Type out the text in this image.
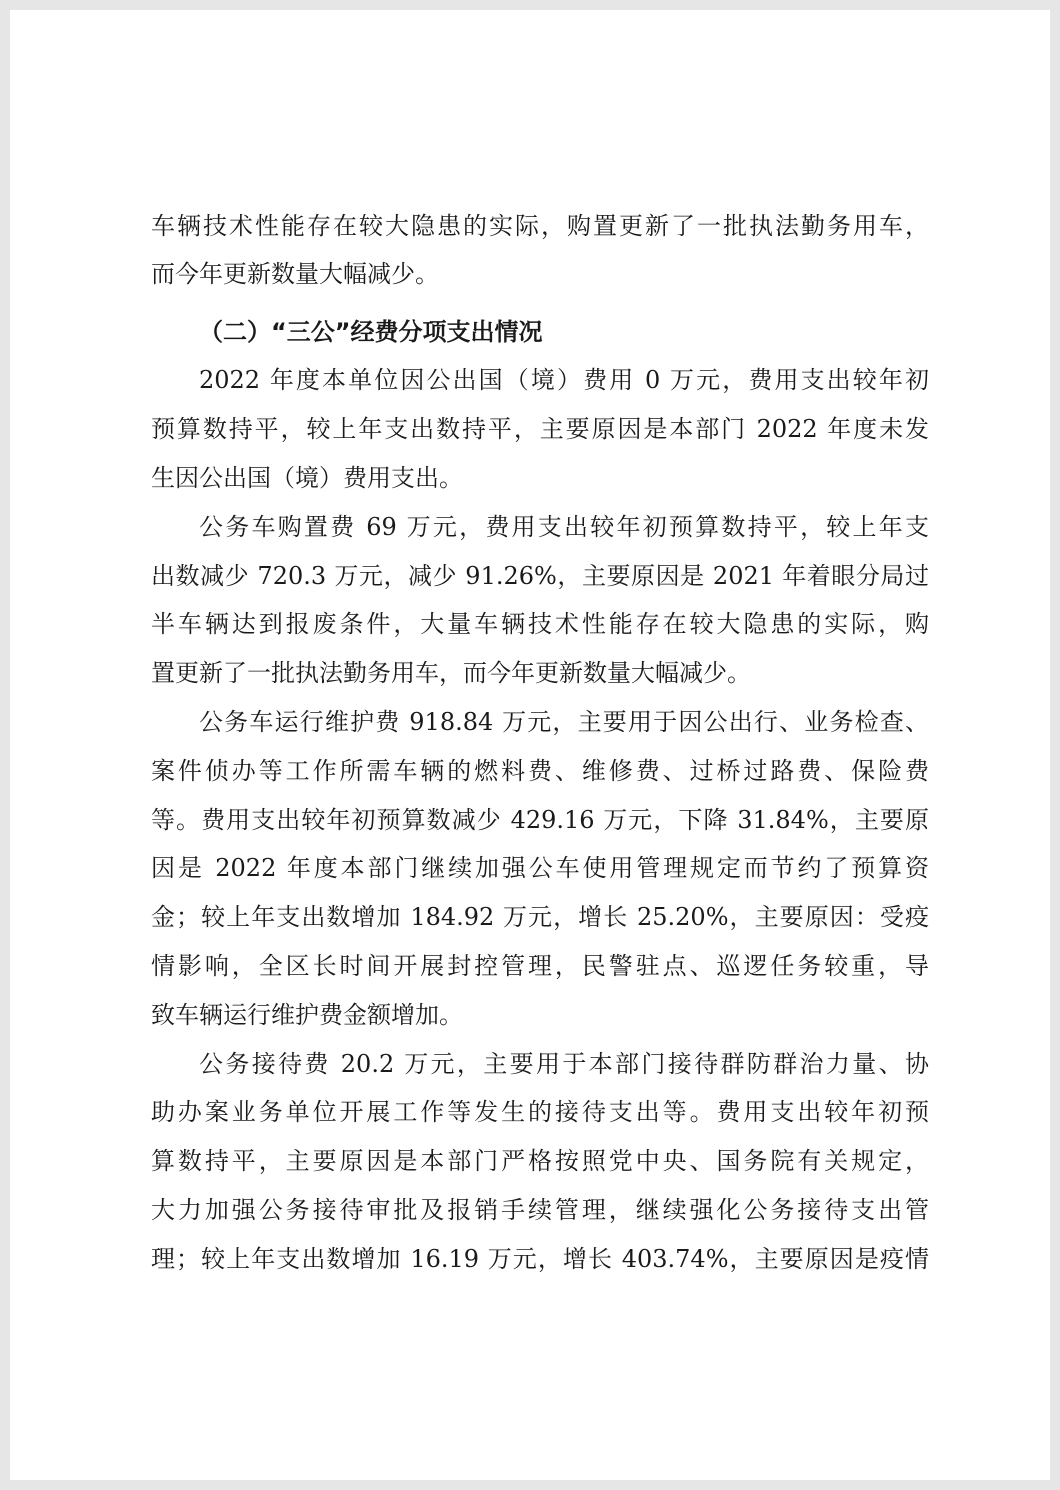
车辆技术性能存在较大隐患的实际，购置更新了一批执法勤务用车，
而今年更新数量大幅减少。
（二）“三公”经费分项支出情况
2022 年度本单位因公出国（境）费用 0 万元，费用支出较年初
预算数持平，较上年支出数持平，主要原因是本部门 2022 年度未发
生因公出国（境）费用支出。
公务车购置费 69 万元，费用支出较年初预算数持平，较上年支
出数减少 720.3 万元，减少 91.26%，主要原因是 2021 年着眼分局过
半车辆达到报废条件，大量车辆技术性能存在较大隐患的实际，购
置更新了一批执法勤务用车，而今年更新数量大幅减少。
公务车运行维护费 918.84 万元，主要用于因公出行、业务检查、
案件侦办等工作所需车辆的燃料费、维修费、过桥过路费、保险费
等。费用支出较年初预算数减少 429.16 万元，下降 31.84%，主要原
因是 2022 年度本部门继续加强公车使用管理规定而节约了预算资
金；较上年支出数增加 184.92 万元，增长 25.20%，主要原因：受疫
情影响，全区长时间开展封控管理，民警驻点、巡逻任务较重，导
致车辆运行维护费金额增加。
公务接待费 20.2 万元，主要用于本部门接待群防群治力量、协
助办案业务单位开展工作等发生的接待支出等。费用支出较年初预
算数持平，主要原因是本部门严格按照党中央、国务院有关规定，
大力加强公务接待审批及报销手续管理，继续强化公务接待支出管
理；较上年支出数增加 16.19 万元，增长 403.74%，主要原因是疫情
